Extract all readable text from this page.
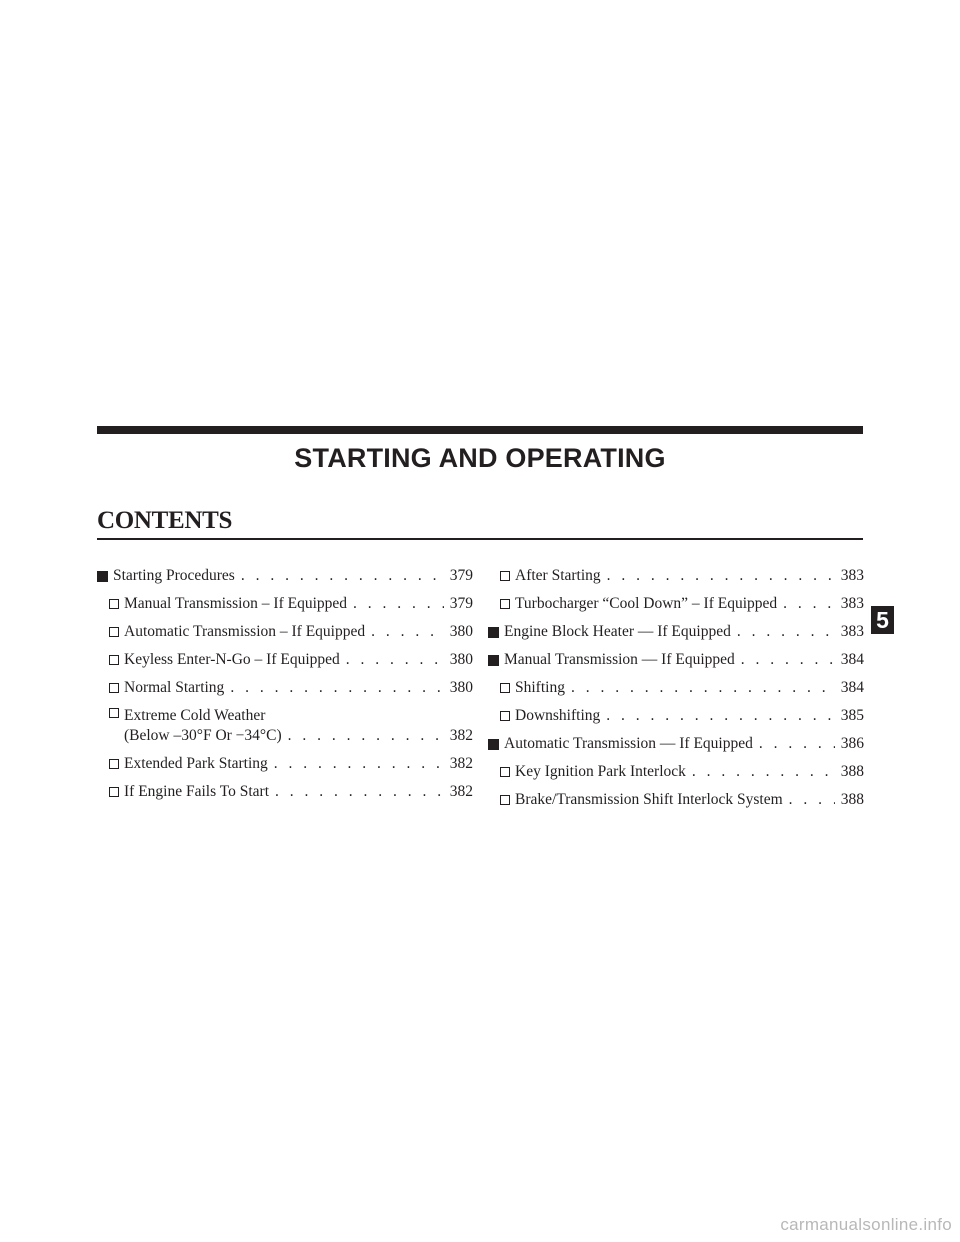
STARTING AND OPERATING
CONTENTS
Starting Procedures . . .	379
Manual Transmission – If Equipped . . .	379
Automatic Transmission – If Equipped . . .	380
Keyless Enter-N-Go – If Equipped . . .	380
Normal Starting . . .	380
Extreme Cold Weather
(Below –30°F Or −34°C) . . .	382
Extended Park Starting . . .	382
If Engine Fails To Start . . .	382
After Starting . . .	383
Turbocharger “Cool Down” – If Equipped . . .	383
Engine Block Heater — If Equipped . . .	383
Manual Transmission — If Equipped . . .	384
Shifting . . .	384
Downshifting . . .	385
Automatic Transmission — If Equipped . . .	386
Key Ignition Park Interlock . . .	388
Brake/Transmission Shift Interlock System . . .	388
5
carmanualsonline.info
